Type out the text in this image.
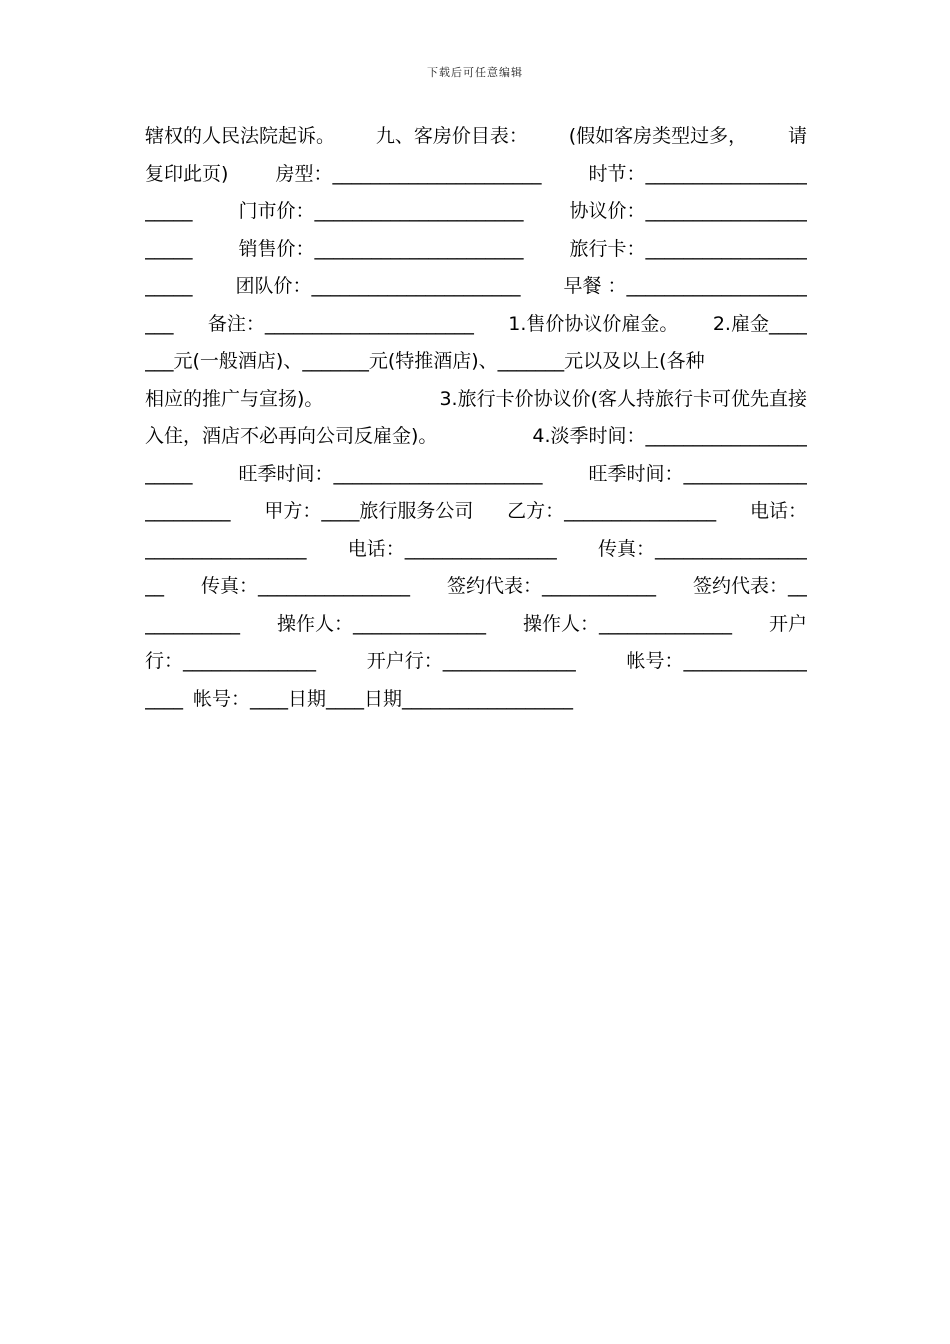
下载后可任意编辑
辖权的人民法院起诉。 九、客房价目表： (假如客房类型过多， 请
复印此页) 房型：______________________ 时节：_________________
_____ 门市价：______________________ 协议价：_________________
_____ 销售价：______________________ 旅行卡：_________________
_____ 团队价：______________________ 早餐 ：___________________
___ 备注：______________________ 1.售价协议价雇金。 2.雇金____
___元(一般酒店)、_______元(特推酒店)、_______元以及以上(各种
相应的推广与宣扬)。	3.旅行卡价协议价(客人持旅行卡可优先直接
入住，酒店不必再向公司反雇金)。	4.淡季时间：_________________
_____ 旺季时间：______________________ 旺季时间：_____________
_________ 甲方：____旅行服务公司 乙方：________________ 电话：
_________________ 电话：________________ 传真：________________
__ 传真：________________ 签约代表：____________ 签约代表：__
__________ 操作人：______________ 操作人：______________ 开户
行：______________	开户行：______________	帐号：_____________
____ 帐号：____日期____日期__________________
